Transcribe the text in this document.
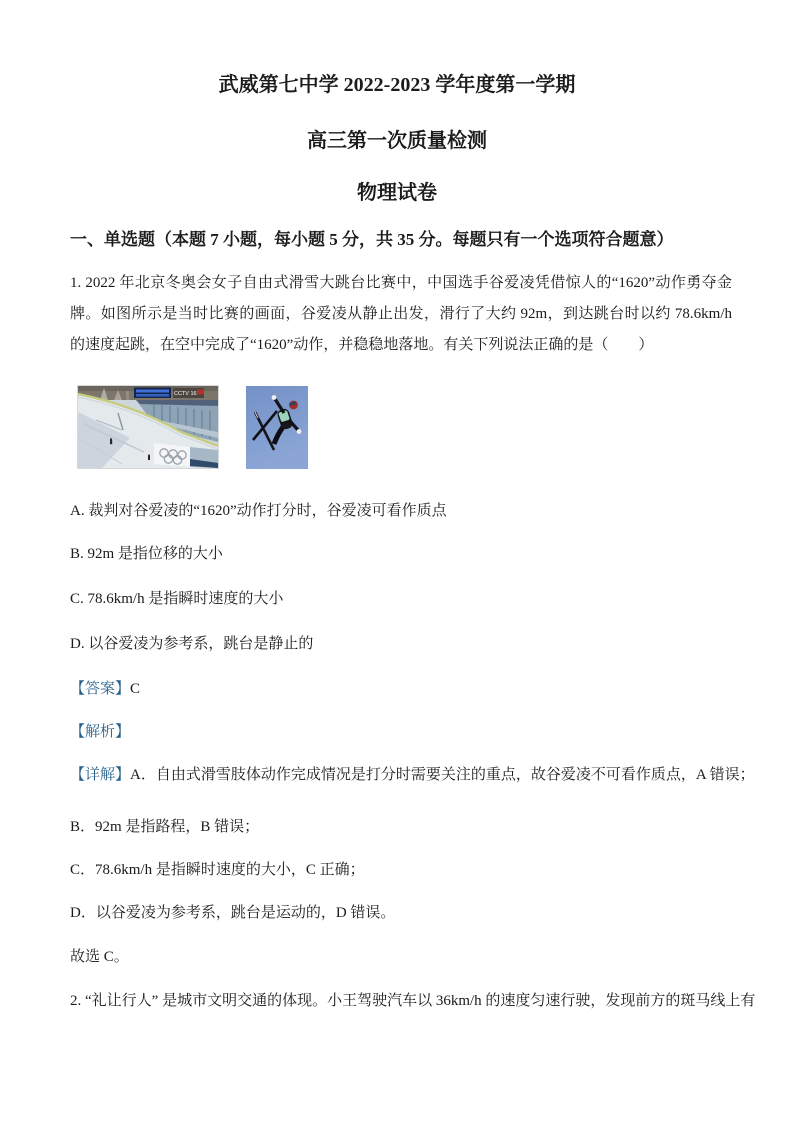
武威第七中学 2022-2023 学年度第一学期
高三第一次质量检测
物理试卷
一、单选题（本题 7 小题，每小题 5 分，共 35 分。每题只有一个选项符合题意）
1. 2022 年北京冬奥会女子自由式滑雪大跳台比赛中，中国选手谷爱凌凭借惊人的“1620”动作勇夺金牌。如图所示是当时比赛的画面，谷爱凌从静止出发，滑行了大约 92m，到达跳台时以约 78.6km/h 的速度起跳，在空中完成了“1620”动作，并稳稳地落地。有关下列说法正确的是（　　）
CCTV 16
A. 裁判对谷爱凌的“1620”动作打分时，谷爱凌可看作质点
B. 92m 是指位移的大小
C. 78.6km/h 是指瞬时速度的大小
D. 以谷爱凌为参考系，跳台是静止的
【答案】C
【解析】
【详解】A．自由式滑雪肢体动作完成情况是打分时需要关注的重点，故谷爱凌不可看作质点，A 错误；
B．92m 是指路程，B 错误；
C．78.6km/h 是指瞬时速度的大小，C 正确；
D．以谷爱凌为参考系，跳台是运动的，D 错误。
故选 C。
2. “礼让行人” 是城市文明交通的体现。小王驾驶汽车以 36km/h 的速度匀速行驶，发现前方的斑马线上有
